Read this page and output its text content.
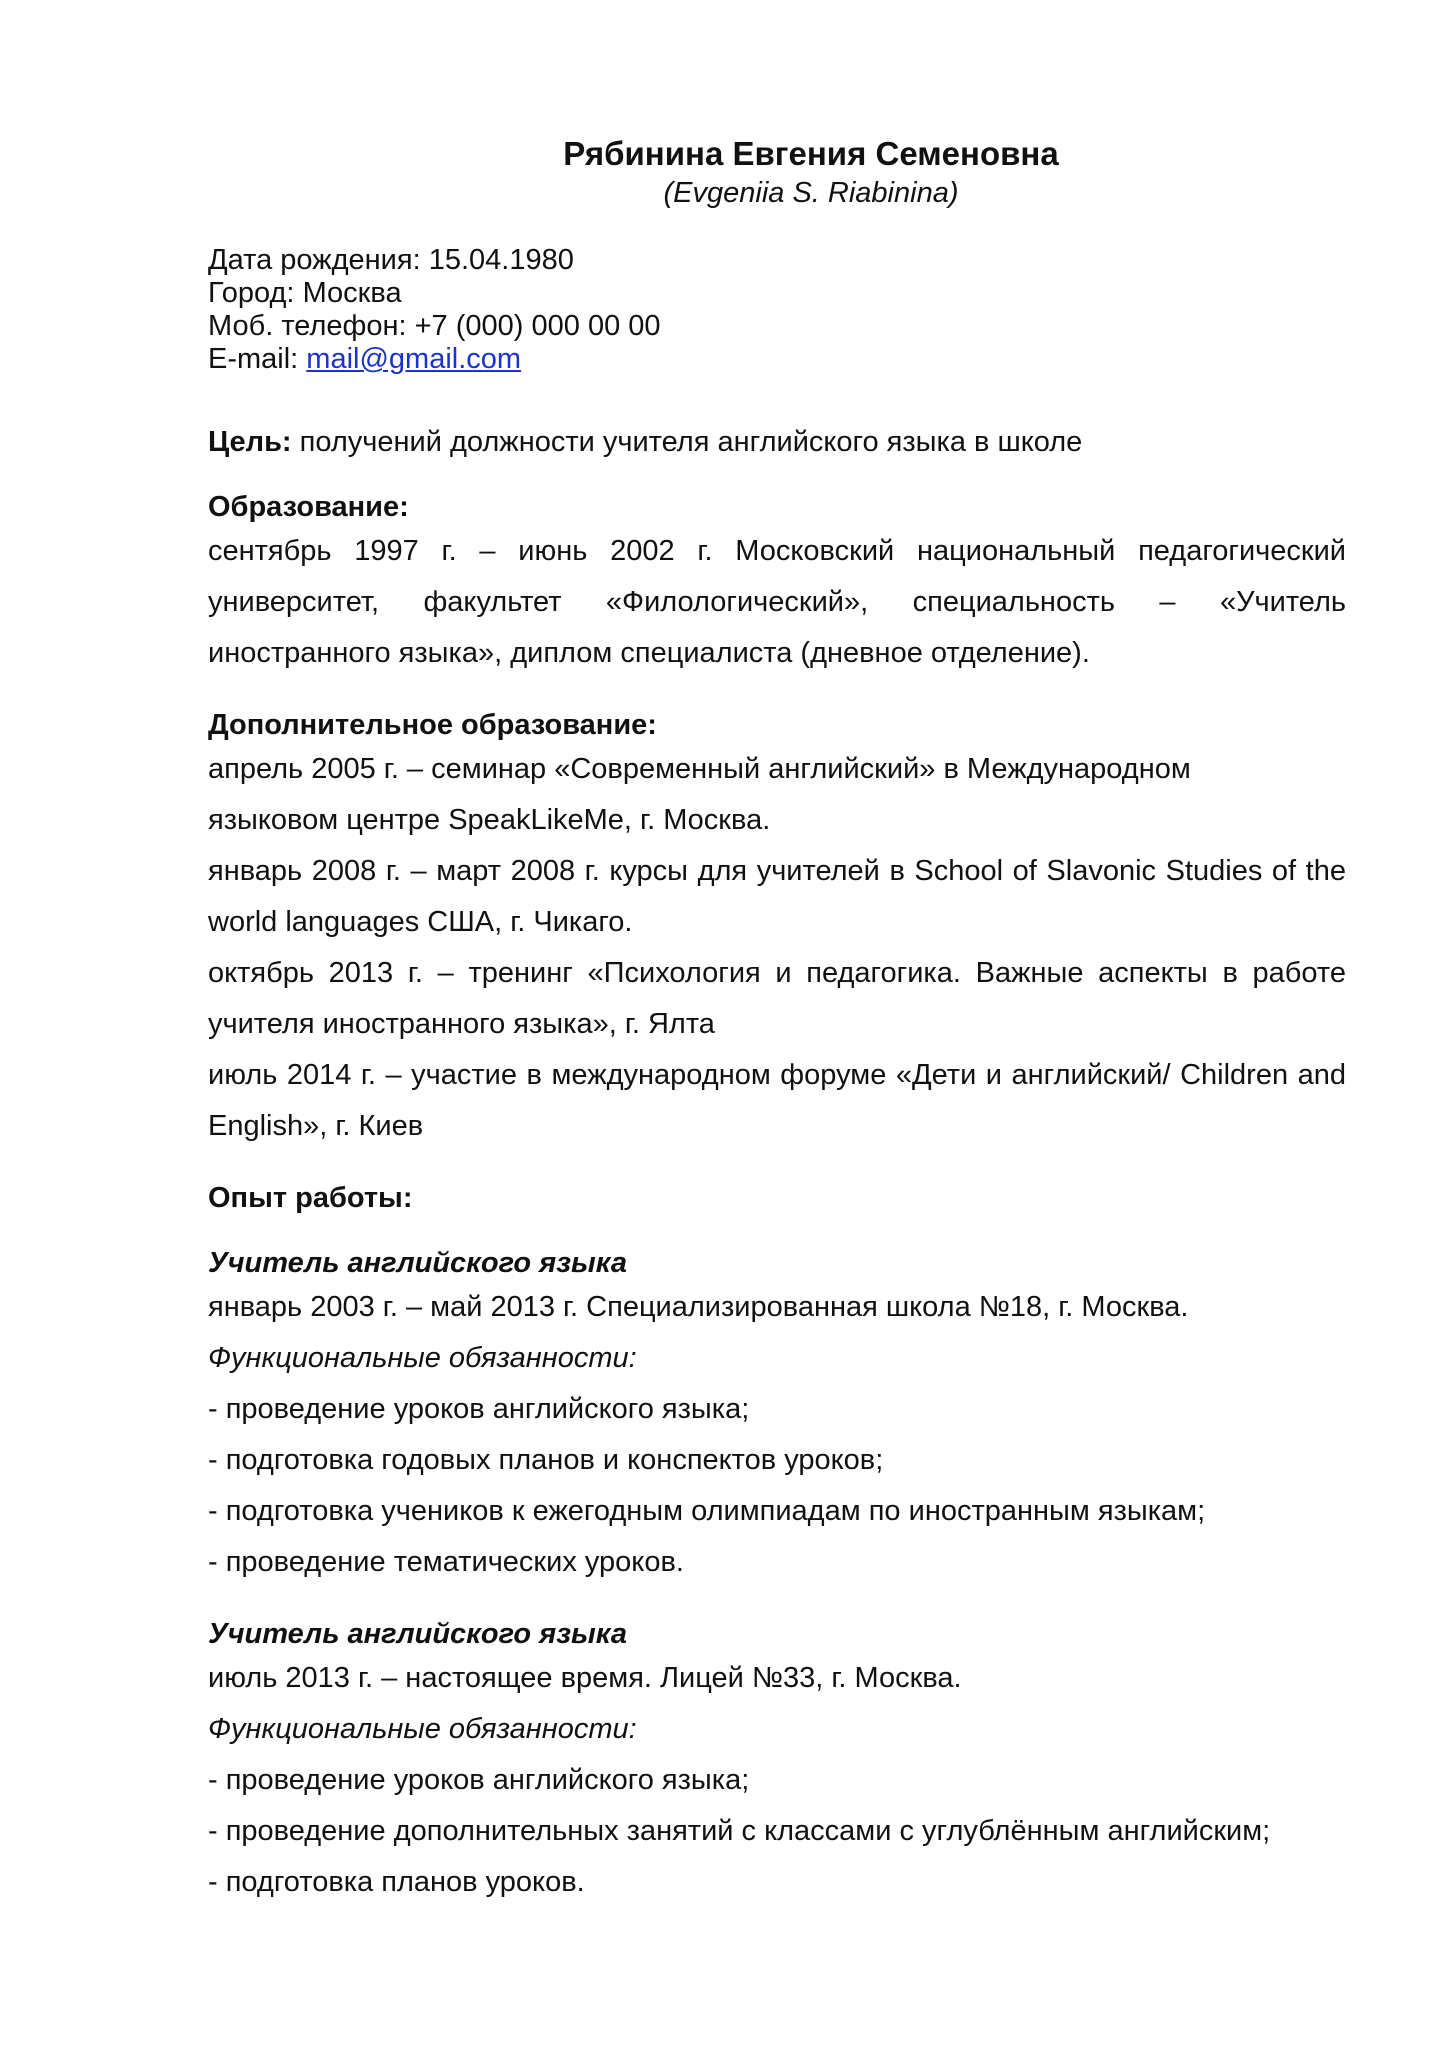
Рябинина Евгения Семеновна
(Evgeniia S. Riabinina)
Дата рождения: 15.04.1980
Город: Москва
Моб. телефон: +7 (000) 000 00 00
E-mail: mail@gmail.com
Цель: получений должности учителя английского языка в школе
Образование:
сентябрь 1997 г. – июнь 2002 г. Московский национальный педагогический университет, факультет «Филологический», специальность – «Учитель иностранного языка», диплом специалиста (дневное отделение).
Дополнительное образование:
апрель 2005 г. – семинар «Современный английский» в Международном
языковом центре SpeakLikeMe, г. Москва.
январь 2008 г. – март 2008 г. курсы для учителей в School of Slavonic Studies of the world languages США, г. Чикаго.
октябрь 2013 г. – тренинг «Психология и педагогика. Важные аспекты в работе учителя иностранного языка», г. Ялта
июль 2014 г. – участие в международном форуме «Дети и английский/ Children and English», г. Киев
Опыт работы:
Учитель английского языка
январь 2003 г. – май 2013 г. Специализированная школа №18, г. Москва.
Функциональные обязанности:
- проведение уроков английского языка;
- подготовка годовых планов и конспектов уроков;
- подготовка учеников к ежегодным олимпиадам по иностранным языкам;
- проведение тематических уроков.
Учитель английского языка
июль 2013 г. – настоящее время. Лицей №33, г. Москва.
Функциональные обязанности:
- проведение уроков английского языка;
- проведение дополнительных занятий с классами с углублённым английским;
- подготовка планов уроков.
